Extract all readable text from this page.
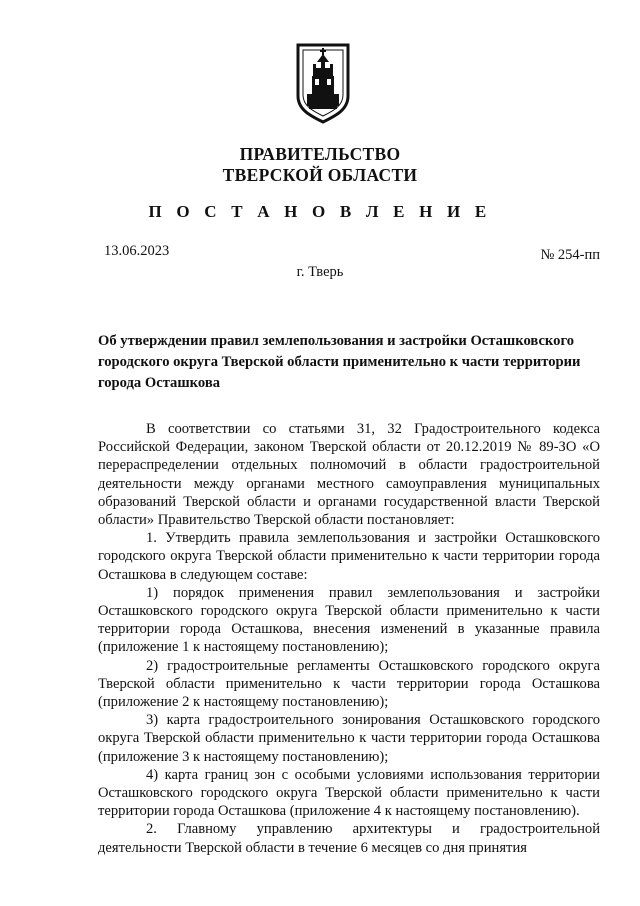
ПРАВИТЕЛЬСТВО
ТВЕРСКОЙ ОБЛАСТИ
П О С Т А Н О В Л Е Н И Е
13.06.2023	№ 254-пп
г. Тверь
Об утверждении правил землепользования и застройки Осташковского городского округа Тверской области применительно к части территории города Осташкова

В соответствии со статьями 31, 32 Градостроительного кодекса Российской Федерации, законом Тверской области от 20.12.2019 № 89-ЗО «О перераспределении отдельных полномочий в области градостроительной деятельности между органами местного самоуправления муниципальных образований Тверской области и органами государственной власти Тверской области» Правительство Тверской области постановляет:

1. Утвердить правила землепользования и застройки Осташковского городского округа Тверской области применительно к части территории города Осташкова в следующем составе:

1) порядок применения правил землепользования и застройки Осташковского городского округа Тверской области применительно к части территории города Осташкова, внесения изменений в указанные правила (приложение 1 к настоящему постановлению);

2) градостроительные регламенты Осташковского городского округа Тверской области применительно к части территории города Осташкова (приложение 2 к настоящему постановлению);

3) карта градостроительного зонирования Осташковского городского округа Тверской области применительно к части территории города Осташкова (приложение 3 к настоящему постановлению);

4) карта границ зон с особыми условиями использования территории Осташковского городского округа Тверской области применительно к части территории города Осташкова (приложение 4 к настоящему постановлению).

2. Главному управлению архитектуры и градостроительной деятельности Тверской области в течение 6 месяцев со дня принятия
